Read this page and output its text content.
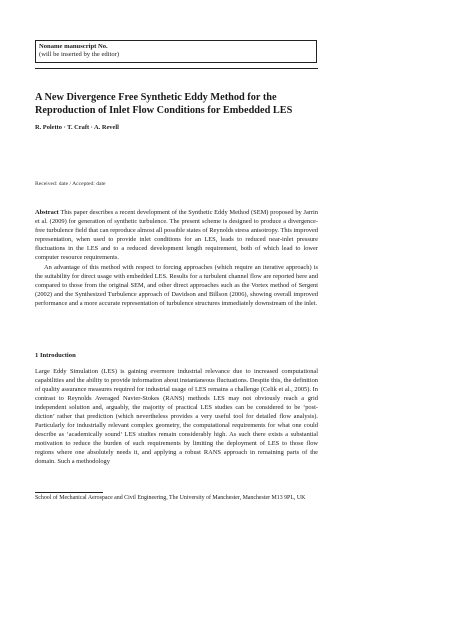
Noname manuscript No.
(will be inserted by the editor)
A New Divergence Free Synthetic Eddy Method for the Reproduction of Inlet Flow Conditions for Embedded LES
R. Poletto · T. Craft · A. Revell
Received: date / Accepted: date

Abstract This paper describes a recent development of the Synthetic Eddy Method (SEM) proposed by Jarrin et al. (2009) for generation of synthetic turbulence. The present scheme is designed to produce a divergence-free turbulence field that can reproduce almost all possible states of Reynolds stress anisotropy. This improved representation, when used to provide inlet conditions for an LES, leads to reduced near-inlet pressure fluctuations in the LES and to a reduced development length requirement, both of which lead to lower computer resource requirements.

An advantage of this method with respect to forcing approaches (which require an iterative approach) is the suitability for direct usage with embedded LES. Results for a turbulent channel flow are reported here and compared to those from the original SEM, and other direct approaches such as the Vortex method of Sergent (2002) and the Synthesized Turbulence approach of Davidson and Billson (2006), showing overall improved performance and a more accurate representation of turbulence structures immediately downstream of the inlet.

1 Introduction

Large Eddy Simulation (LES) is gaining evermore industrial relevance due to increased computational capabilities and the ability to provide information about instantaneous fluctuations. Despite this, the definition of quality assurance measures required for industrial usage of LES remains a challenge (Celik et al., 2005). In contrast to Reynolds Averaged Navier-Stokes (RANS) methods LES may not obviously reach a grid independent solution and, arguably, the majority of practical LES studies can be considered to be ‘post-diction’ rather that prediction (which nevertheless provides a very useful tool for detailed flow analysis). Particularly for industrially relevant complex geometry, the computational requirements for what one could describe as ‘academically sound’ LES studies remain considerably high. As such there exists a substantial motivation to reduce the burden of such requirements by limiting the deployment of LES to those flow regions where one absolutely needs it, and applying a robust RANS approach in remaining parts of the domain. Such a methodology

School of Mechanical Aerospace and Civil Engineering, The University of Manchester, Manchester M13 9PL, UK
